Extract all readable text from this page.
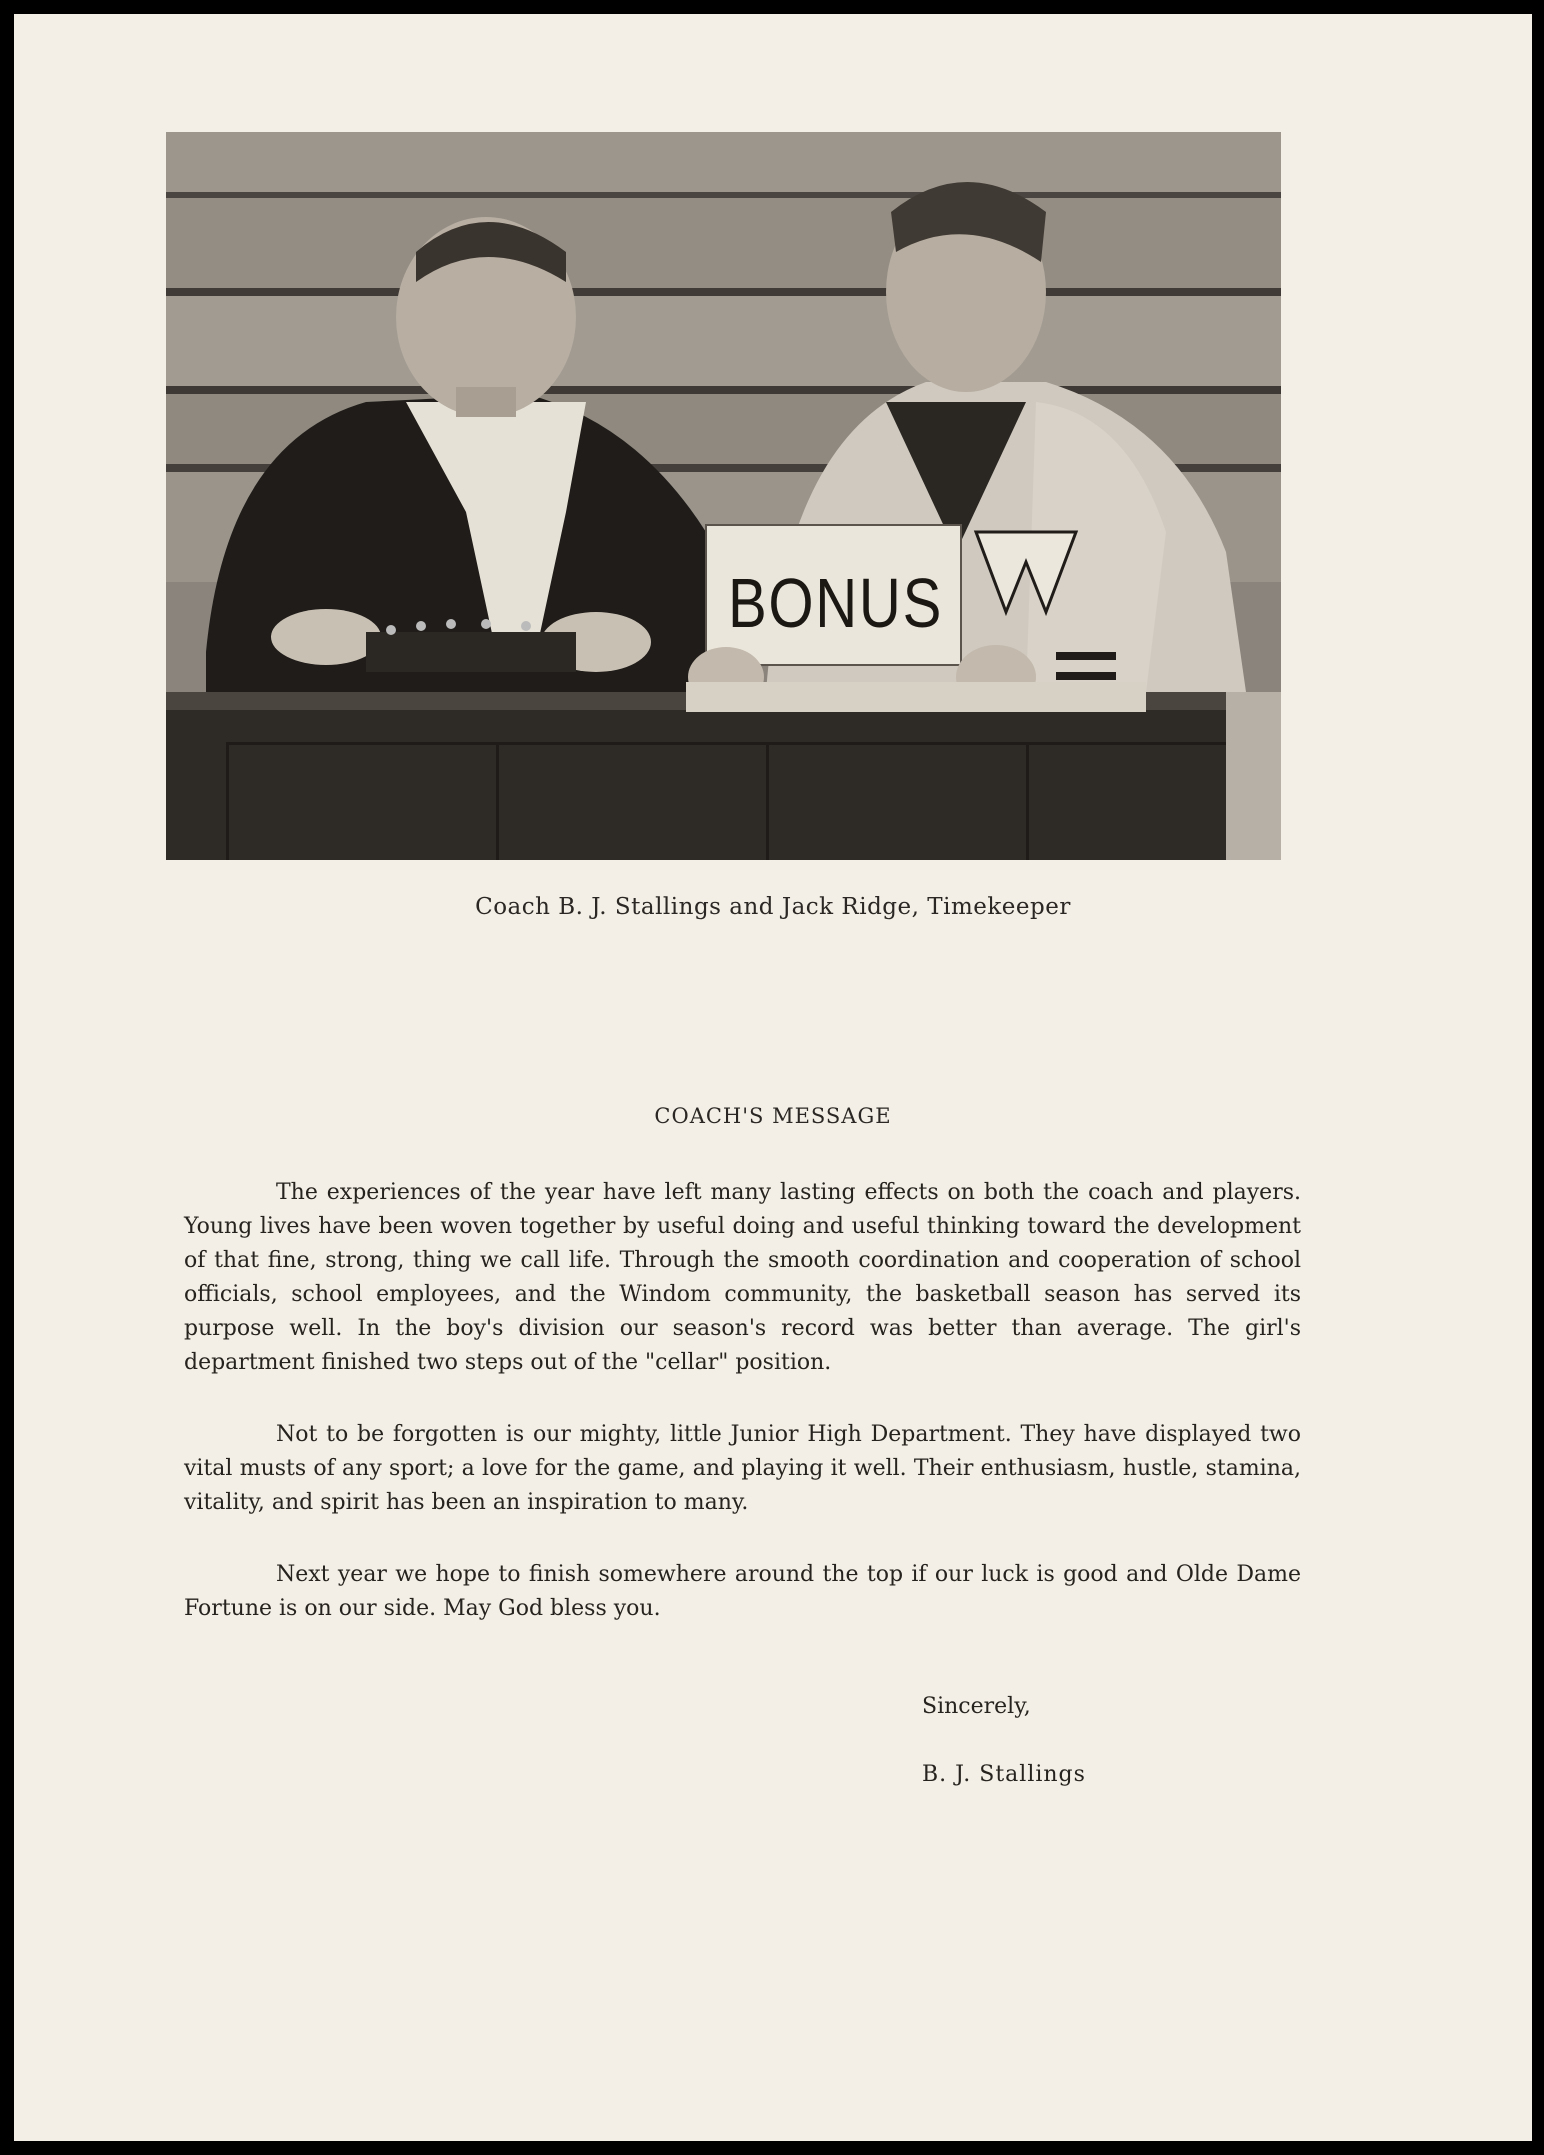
BONUS
Coach B. J. Stallings and Jack Ridge, Timekeeper
COACH'S MESSAGE

The experiences of the year have left many lasting effects on both the coach and players. Young lives have been woven together by useful doing and useful thinking toward the development of that fine, strong, thing we call life. Through the smooth coordination and cooperation of school officials, school employees, and the Windom community, the basketball season has served its purpose well. In the boy's division our season's record was better than average. The girl's department finished two steps out of the "cellar" position.

Not to be forgotten is our mighty, little Junior High Department. They have displayed two vital musts of any sport; a love for the game, and playing it well. Their enthusiasm, hustle, stamina, vitality, and spirit has been an inspiration to many.

Next year we hope to finish somewhere around the top if our luck is good and Olde Dame Fortune is on our side. May God bless you.

Sincerely,
B. J. Stallings
